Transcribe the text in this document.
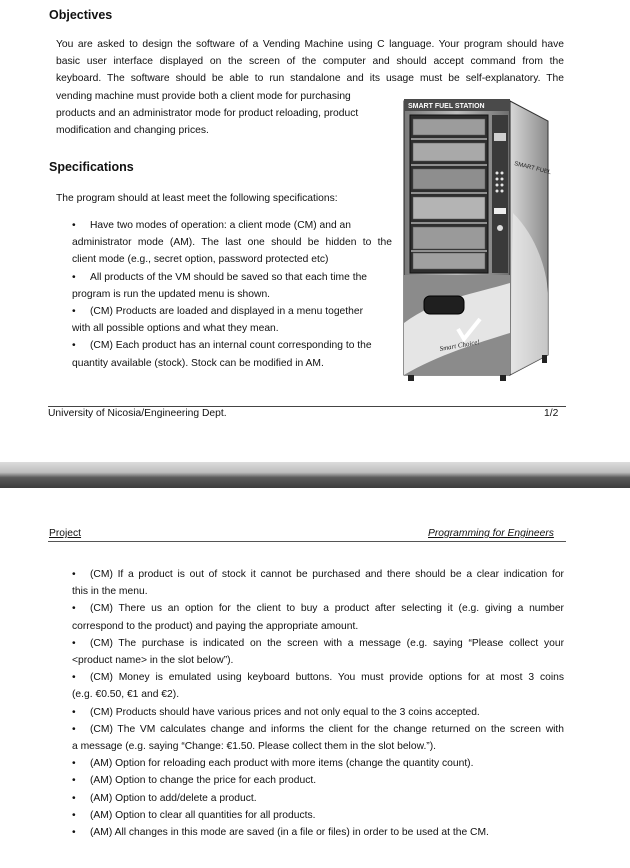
Objectives
You are asked to design the software of a Vending Machine using C language. Your program should have
basic user interface displayed on the screen of the computer and should accept command from the
keyboard. The software should be able to run standalone and its usage must be self-explanatory. The
vending machine must provide both a client mode for purchasing
products and an administrator mode for product reloading, product
modification and changing prices.
Specifications
The program should at least meet the following specifications:
• Have two modes of operation: a client mode (CM) and an
administrator mode (AM). The last one should be hidden to the
client mode (e.g., secret option, password protected etc)
• All products of the VM should be saved so that each time the
program is run the updated menu is shown.
• (CM) Products are loaded and displayed in a menu together
with all possible options and what they mean.
• (CM) Each product has an internal count corresponding to the
quantity available (stock). Stock can be modified in AM.
SMART FUEL
SMART FUEL STATION
Smart Choice!
University of Nicosia/Engineering Dept.	1/2
Project	Programming for Engineers
• (CM) If a product is out of stock it cannot be purchased and there should be a clear indication for
this in the menu.
• (CM) There us an option for the client to buy a product after selecting it (e.g. giving a number
correspond to the product) and paying the appropriate amount.
• (CM) The purchase is indicated on the screen with a message (e.g. saying “Please collect your
<product name> in the slot below”).
• (CM) Money is emulated using keyboard buttons. You must provide options for at most 3 coins
(e.g. €0.50, €1 and €2).
• (CM) Products should have various prices and not only equal to the 3 coins accepted.
• (CM) The VM calculates change and informs the client for the change returned on the screen with
a message (e.g. saying “Change: €1.50. Please collect them in the slot below.”).
• (AM) Option for reloading each product with more items (change the quantity count).
• (AM) Option to change the price for each product.
• (AM) Option to add/delete a product.
• (AM) Option to clear all quantities for all products.
• (AM) All changes in this mode are saved (in a file or files) in order to be used at the CM.
